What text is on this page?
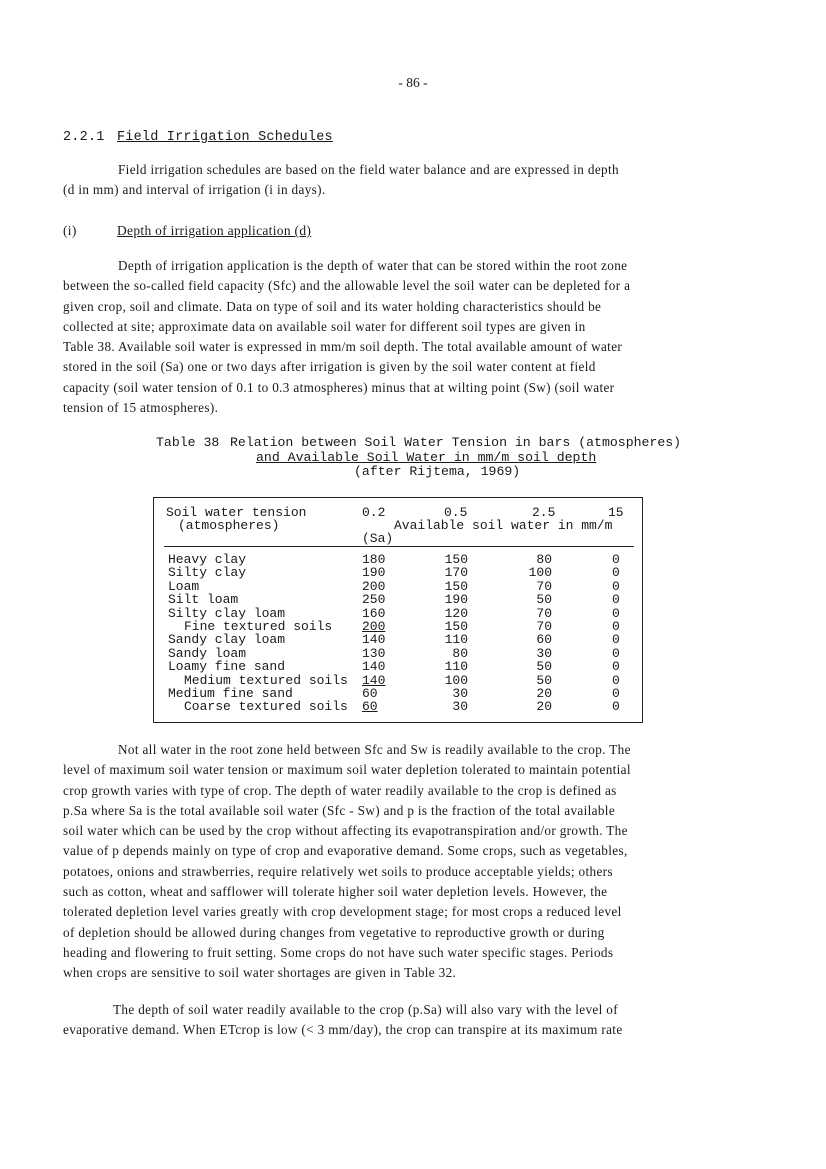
- 86 -
2.2.1 Field Irrigation Schedules
Field irrigation schedules are based on the field water balance and are expressed in depth
(d in mm) and interval of irrigation (i in days).
(i)	Depth of irrigation application (d)
Depth of irrigation application is the depth of water that can be stored within the root zone
between the so-called field capacity (Sfc) and the allowable level the soil water can be depleted for a
given crop, soil and climate. Data on type of soil and its water holding characteristics should be
collected at site; approximate data on available soil water for different soil types are given in
Table 38. Available soil water is expressed in mm/m soil depth. The total available amount of water
stored in the soil (Sa) one or two days after irrigation is given by the soil water content at field
capacity (soil water tension of 0.1 to 0.3 atmospheres) minus that at wilting point (Sw) (soil water
tension of 15 atmospheres).
Table 38 Relation between Soil Water Tension in bars (atmospheres)
and Available Soil Water in mm/m soil depth
(after Rijtema, 1969)
Soil water tension
(atmospheres)
0.2	0.5	2.5	15
Available soil water in mm/m
(Sa)
Heavy clay	180	150	80	0
Silty clay	190	170	100	0
Loam	200	150	70	0
Silt loam	250	190	50	0
Silty clay loam	160	120	70	0
Fine textured soils 200	150	70	0
Sandy clay loam	140	110	60	0
Sandy loam	130	80	30	0
Loamy fine sand	140	110	50	0
Medium textured soils 140	100	50	0
Medium fine sand	60	30	20	0
Coarse textured soils 60	30	20	0
Not all water in the root zone held between Sfc and Sw is readily available to the crop. The
level of maximum soil water tension or maximum soil water depletion tolerated to maintain potential
crop growth varies with type of crop. The depth of water readily available to the crop is defined as
p.Sa where Sa is the total available soil water (Sfc - Sw) and p is the fraction of the total available
soil water which can be used by the crop without affecting its evapotranspiration and/or growth. The
value of p depends mainly on type of crop and evaporative demand. Some crops, such as vegetables,
potatoes, onions and strawberries, require relatively wet soils to produce acceptable yields; others
such as cotton, wheat and safflower will tolerate higher soil water depletion levels. However, the
tolerated depletion level varies greatly with crop development stage; for most crops a reduced level
of depletion should be allowed during changes from vegetative to reproductive growth or during
heading and flowering to fruit setting. Some crops do not have such water specific stages. Periods
when crops are sensitive to soil water shortages are given in Table 32.
The depth of soil water readily available to the crop (p.Sa) will also vary with the level of
evaporative demand. When ETcrop is low (< 3 mm/day), the crop can transpire at its maximum rate
